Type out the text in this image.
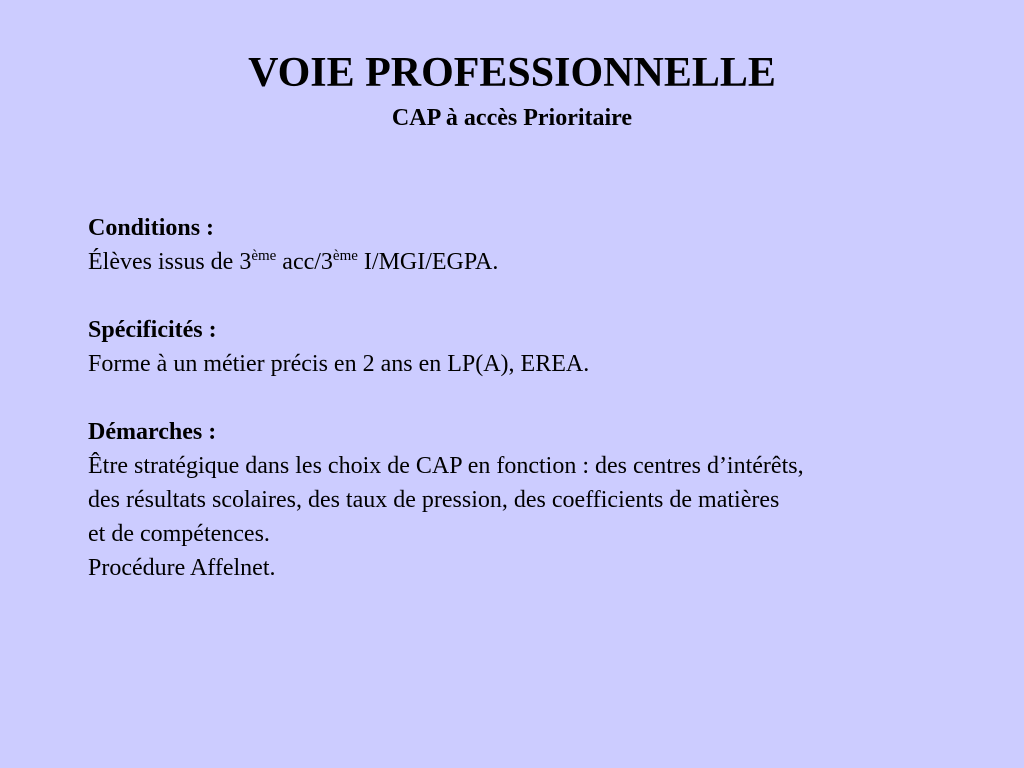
VOIE PROFESSIONNELLE
CAP à accès Prioritaire
Conditions :
Élèves issus de 3ème acc/3ème I/MGI/EGPA.
Spécificités :
Forme à un métier précis en 2 ans en LP(A), EREA.
Démarches :
Être stratégique dans les choix de CAP en fonction : des centres d’intérêts,
des résultats scolaires, des taux de pression, des coefficients de matières
et de compétences.
Procédure Affelnet.
